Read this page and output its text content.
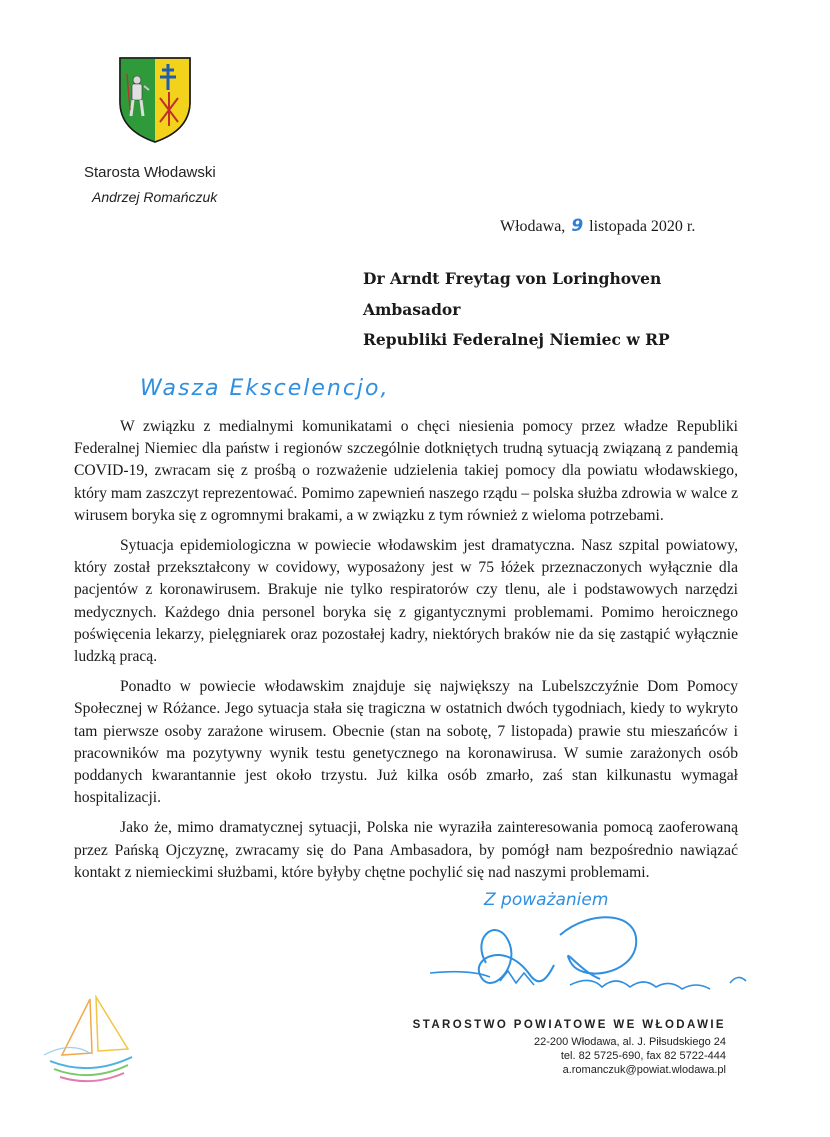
Starosta Włodawski
Andrzej Romańczuk
Włodawa, 9 listopada 2020 r.
Dr Arndt Freytag von Loringhoven
Ambasador
Republiki Federalnej Niemiec w RP
Wasza Ekscelencjo,

W związku z medialnymi komunikatami o chęci niesienia pomocy przez władze Republiki Federalnej Niemiec dla państw i regionów szczególnie dotkniętych trudną sytuacją związaną z pandemią COVID-19, zwracam się z prośbą o rozważenie udzielenia takiej pomocy dla powiatu włodawskiego, który mam zaszczyt reprezentować. Pomimo zapewnień naszego rządu – polska służba zdrowia w walce z wirusem boryka się z ogromnymi brakami, a w związku z tym również z wieloma potrzebami.

Sytuacja epidemiologiczna w powiecie włodawskim jest dramatyczna. Nasz szpital powiatowy, który został przekształcony w covidowy, wyposażony jest w 75 łóżek przeznaczonych wyłącznie dla pacjentów z koronawirusem. Brakuje nie tylko respiratorów czy tlenu, ale i podstawowych narzędzi medycznych. Każdego dnia personel boryka się z gigantycznymi problemami. Pomimo heroicznego poświęcenia lekarzy, pielęgniarek oraz pozostałej kadry, niektórych braków nie da się zastąpić wyłącznie ludzką pracą.

Ponadto w powiecie włodawskim znajduje się największy na Lubelszczyźnie Dom Pomocy Społecznej w Różance. Jego sytuacja stała się tragiczna w ostatnich dwóch tygodniach, kiedy to wykryto tam pierwsze osoby zarażone wirusem. Obecnie (stan na sobotę, 7 listopada) prawie stu mieszańców i pracowników ma pozytywny wynik testu genetycznego na koronawirusa. W sumie zarażonych osób poddanych kwarantannie jest około trzystu. Już kilka osób zmarło, zaś stan kilkunastu wymagał hospitalizacji.

Jako że, mimo dramatycznej sytuacji, Polska nie wyraziła zainteresowania pomocą zaoferowaną przez Pańską Ojczyznę, zwracamy się do Pana Ambasadora, by pomógł nam bezpośrednio nawiązać kontakt z niemieckimi służbami, które byłyby chętne pochylić się nad naszymi problemami.

Z poważaniem
STAROSTWO POWIATOWE WE WŁODAWIE
22-200 Włodawa, al. J. Piłsudskiego 24
tel. 82 5725-690, fax 82 5722-444
a.romanczuk@powiat.wlodawa.pl
